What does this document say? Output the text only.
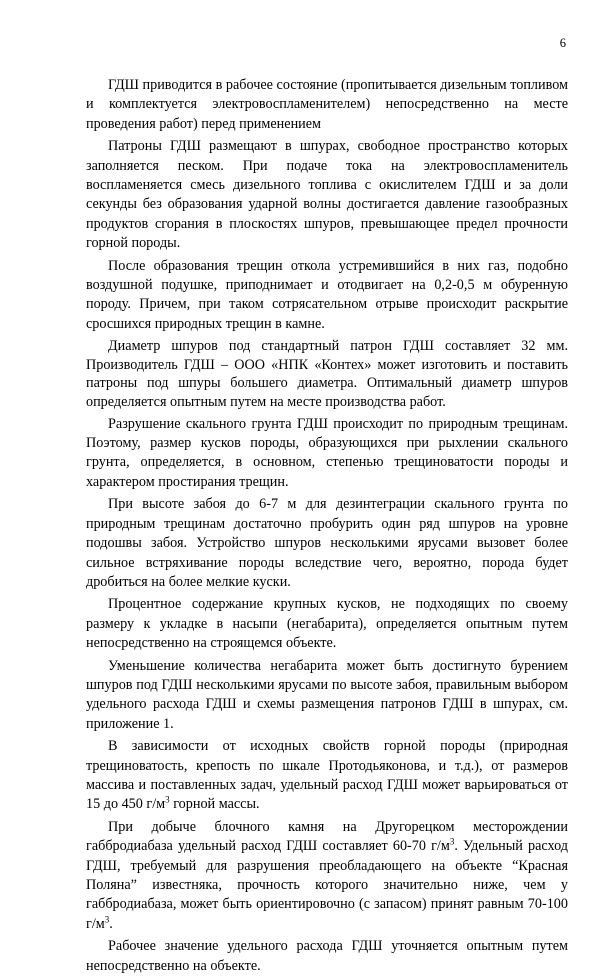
6

ГДШ приводится в рабочее состояние (пропитывается дизельным топливом и комплектуется электровоспламенителем) непосредственно на месте проведения работ) перед применением

Патроны ГДШ размещают в шпурах, свободное пространство которых заполняется песком. При подаче тока на электровоспламенитель воспламеняется смесь дизельного топлива с окислителем ГДШ и за доли секунды без образования ударной волны достигается давление газообразных продуктов сгорания в плоскостях шпуров, превышающее предел прочности горной породы.

После образования трещин откола устремившийся в них газ, подобно воздушной подушке, приподнимает и отодвигает на 0,2-0,5 м обуренную породу. Причем, при таком сотрясательном отрыве происходит раскрытие сросшихся природных трещин в камне.

Диаметр шпуров под стандартный патрон ГДШ составляет 32 мм. Производитель ГДШ – ООО «НПК «Контех» может изготовить и поставить патроны под шпуры большего диаметра. Оптимальный диаметр шпуров определяется опытным путем на месте производства работ.

Разрушение скального грунта ГДШ происходит по природным трещинам. Поэтому, размер кусков породы, образующихся при рыхлении скального грунта, определяется, в основном, степенью трещиноватости породы и характером простирания трещин.

При высоте забоя до 6-7 м для дезинтеграции скального грунта по природным трещинам достаточно пробурить один ряд шпуров на уровне подошвы забоя. Устройство шпуров несколькими ярусами вызовет более сильное встряхивание породы вследствие чего, вероятно, порода будет дробиться на более мелкие куски.

Процентное содержание крупных кусков, не подходящих по своему размеру к укладке в насыпи (негабарита), определяется опытным путем непосредственно на строящемся объекте.

Уменьшение количества негабарита может быть достигнуто бурением шпуров под ГДШ несколькими ярусами по высоте забоя, правильным выбором удельного расхода ГДШ и схемы размещения патронов ГДШ в шпурах, см. приложение 1.

В зависимости от исходных свойств горной породы (природная трещиноватость, крепость по шкале Протодьяконова, и т.д.), от размеров массива и поставленных задач, удельный расход ГДШ может варьироваться от 15 до 450 $г/м^3$ горной массы.

При добыче блочного камня на Другорецком месторождении габбродиабаза удельный расход ГДШ составляет 60-70 $г/м^3$. Удельный расход ГДШ, требуемый для разрушения преобладающего на объекте “Красная Поляна” известняка, прочность которого значительно ниже, чем у габбродиабаза, может быть ориентировочно (с запасом) принят равным 70-100 $г/м^3$.

Рабочее значение удельного расхода ГДШ уточняется опытным путем непосредственно на объекте.
